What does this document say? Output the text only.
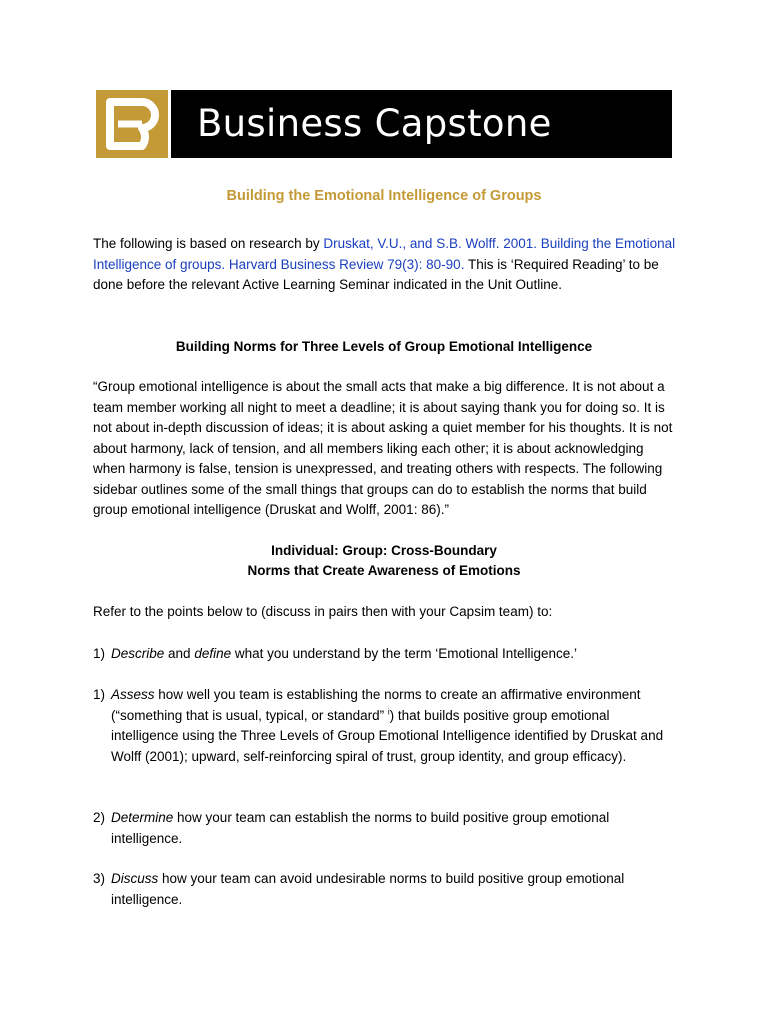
Business Capstone
Building the Emotional Intelligence of Groups
The following is based on research by Druskat, V.U., and S.B. Wolff. 2001. Building the Emotional Intelligence of groups. Harvard Business Review 79(3): 80-90. This is ‘Required Reading’ to be done before the relevant Active Learning Seminar indicated in the Unit Outline.
Building Norms for Three Levels of Group Emotional Intelligence
“Group emotional intelligence is about the small acts that make a big difference. It is not about a team member working all night to meet a deadline; it is about saying thank you for doing so. It is not about in-depth discussion of ideas; it is about asking a quiet member for his thoughts. It is not about harmony, lack of tension, and all members liking each other; it is about acknowledging when harmony is false, tension is unexpressed, and treating others with respects. The following sidebar outlines some of the small things that groups can do to establish the norms that build group emotional intelligence (Druskat and Wolff, 2001: 86).”
Individual: Group: Cross-Boundary
Norms that Create Awareness of Emotions
Refer to the points below to (discuss in pairs then with your Capsim team) to:
1) Describe and define what you understand by the term ‘Emotional Intelligence.’
1) Assess how well you team is establishing the norms to create an affirmative environment (“something that is usual, typical, or standard” $^i$) that builds positive group emotional intelligence using the Three Levels of Group Emotional Intelligence identified by Druskat and Wolff (2001); upward, self-reinforcing spiral of trust, group identity, and group efficacy).
2) Determine how your team can establish the norms to build positive group emotional intelligence.
3) Discuss how your team can avoid undesirable norms to build positive group emotional intelligence.
